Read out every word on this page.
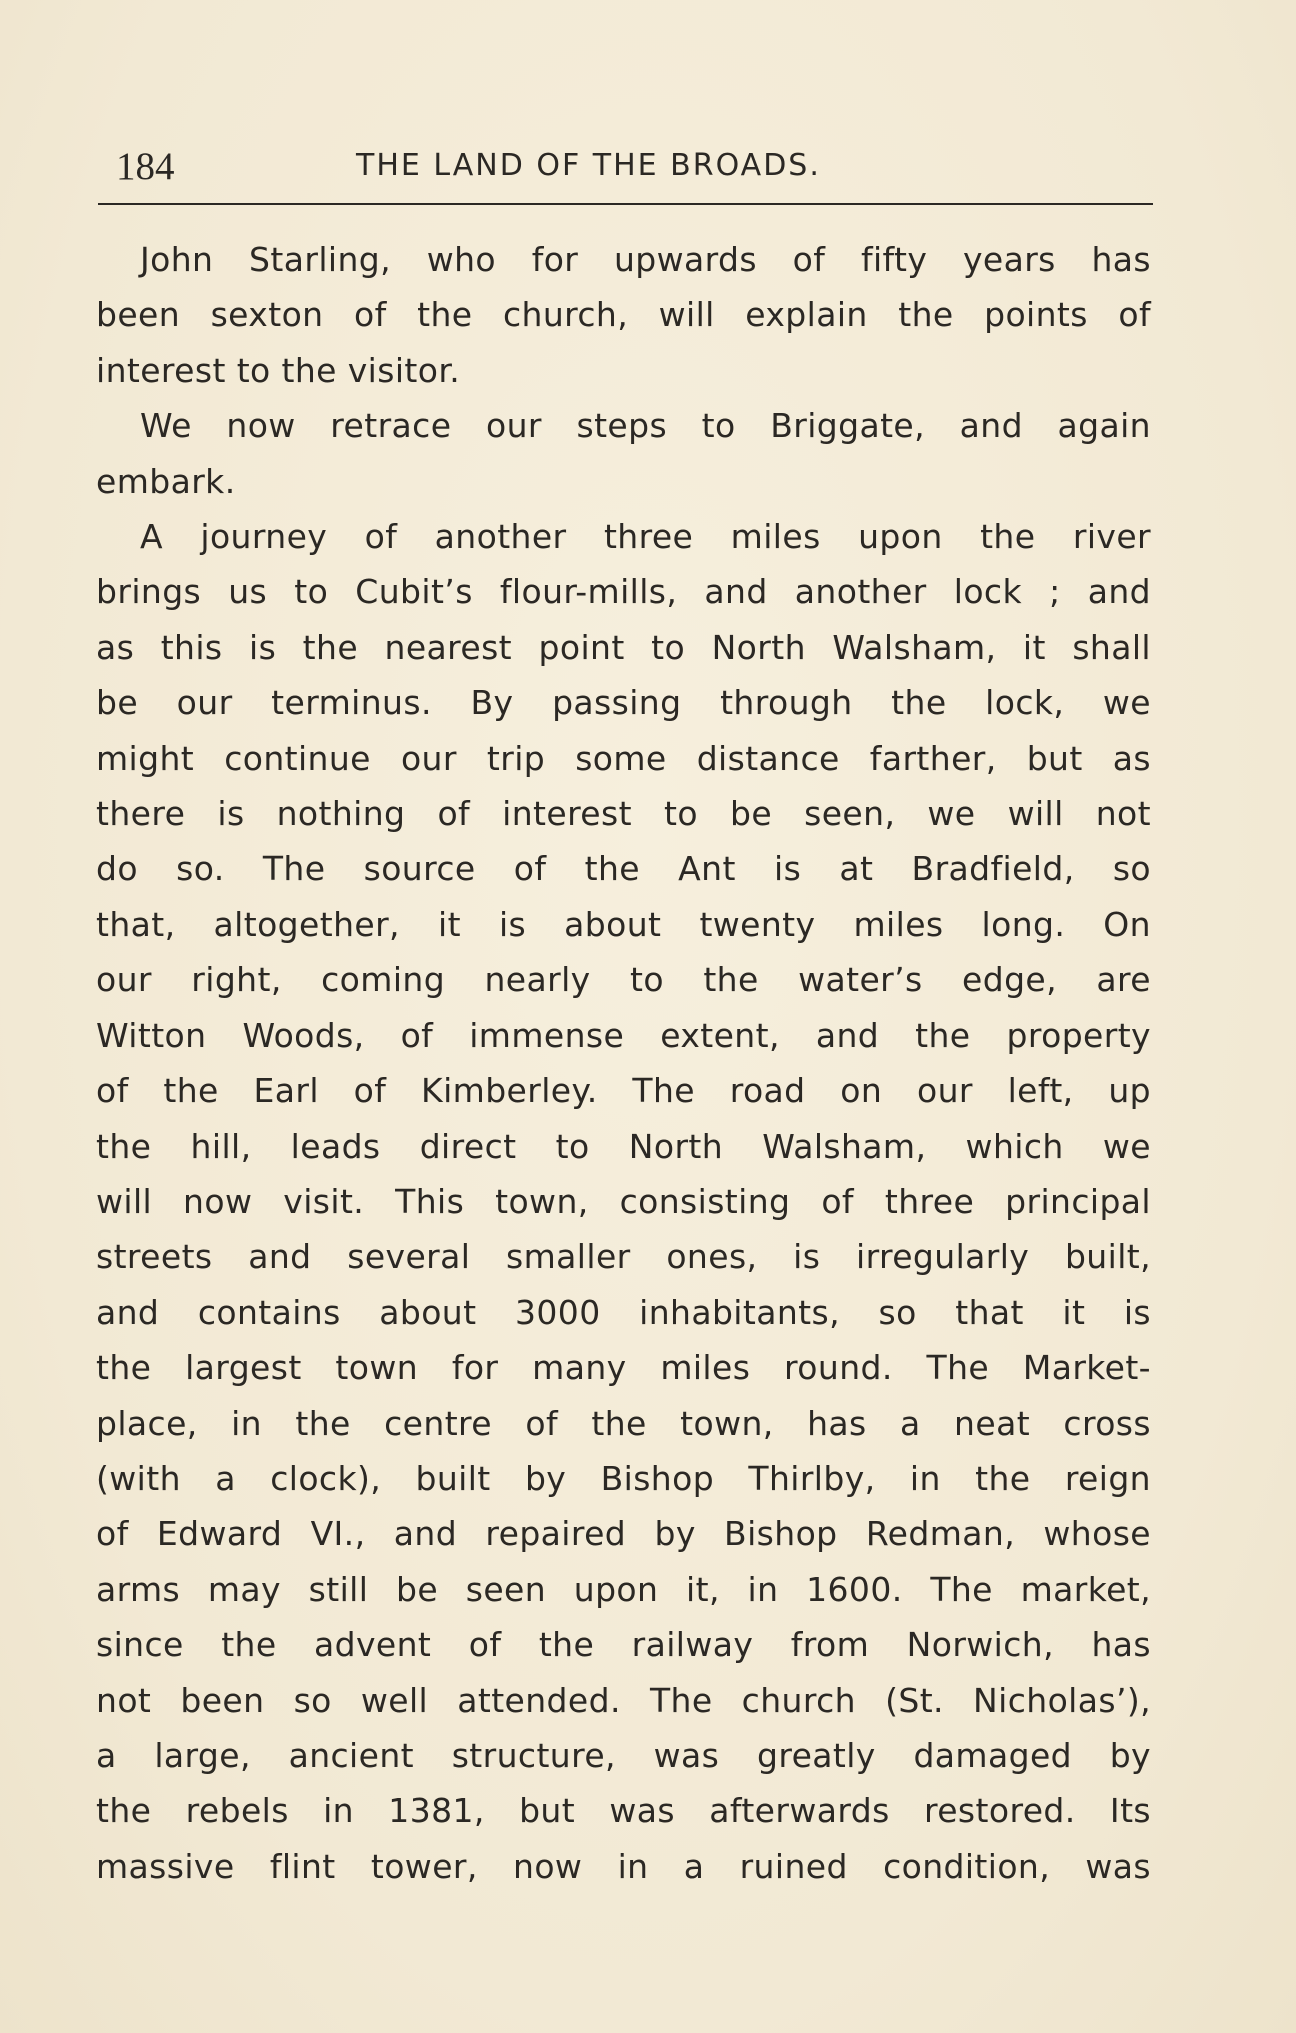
184	THE LAND OF THE BROADS.

John Starling, who for upwards of fifty years has
been sexton of the church, will explain the points of
interest to the visitor.

We now retrace our steps to Briggate, and again
embark.

A journey of another three miles upon the river
brings us to Cubit’s flour-mills, and another lock ; and
as this is the nearest point to North Walsham, it shall
be our terminus. By passing through the lock, we
might continue our trip some distance farther, but as
there is nothing of interest to be seen, we will not
do so. The source of the Ant is at Bradfield, so
that, altogether, it is about twenty miles long. On
our right, coming nearly to the water’s edge, are
Witton Woods, of immense extent, and the property
of the Earl of Kimberley. The road on our left, up
the hill, leads direct to North Walsham, which we
will now visit. This town, consisting of three principal
streets and several smaller ones, is irregularly built,
and contains about 3000 inhabitants, so that it is
the largest town for many miles round. The Market-
place, in the centre of the town, has a neat cross
(with a clock), built by Bishop Thirlby, in the reign
of Edward VI., and repaired by Bishop Redman, whose
arms may still be seen upon it, in 1600. The market,
since the advent of the railway from Norwich, has
not been so well attended. The church (St. Nicholas’),
a large, ancient structure, was greatly damaged by
the rebels in 1381, but was afterwards restored. Its
massive flint tower, now in a ruined condition, was
